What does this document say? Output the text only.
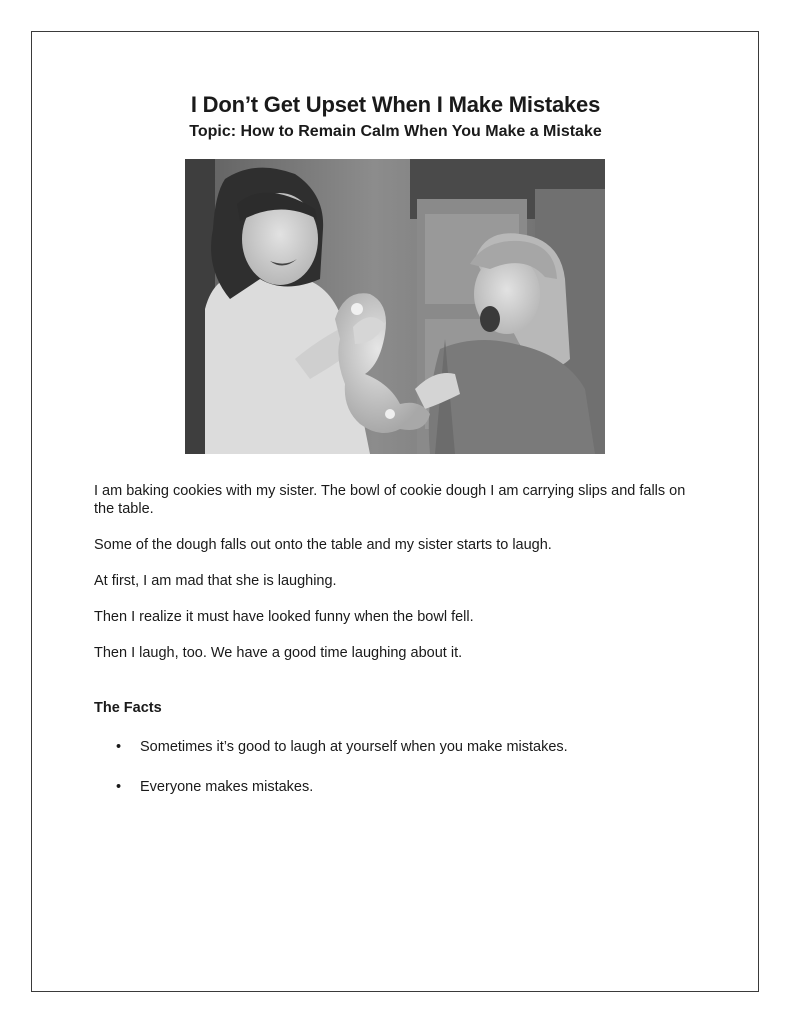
I Don’t Get Upset When I Make Mistakes
Topic: How to Remain Calm When You Make a Mistake

I am baking cookies with my sister. The bowl of cookie dough I am carrying slips and falls on the table.

Some of the dough falls out onto the table and my sister starts to laugh.

At first, I am mad that she is laughing.

Then I realize it must have looked funny when the bowl fell.

Then I laugh, too. We have a good time laughing about it.

The Facts
• Sometimes it’s good to laugh at yourself when you make mistakes.
• Everyone makes mistakes.
